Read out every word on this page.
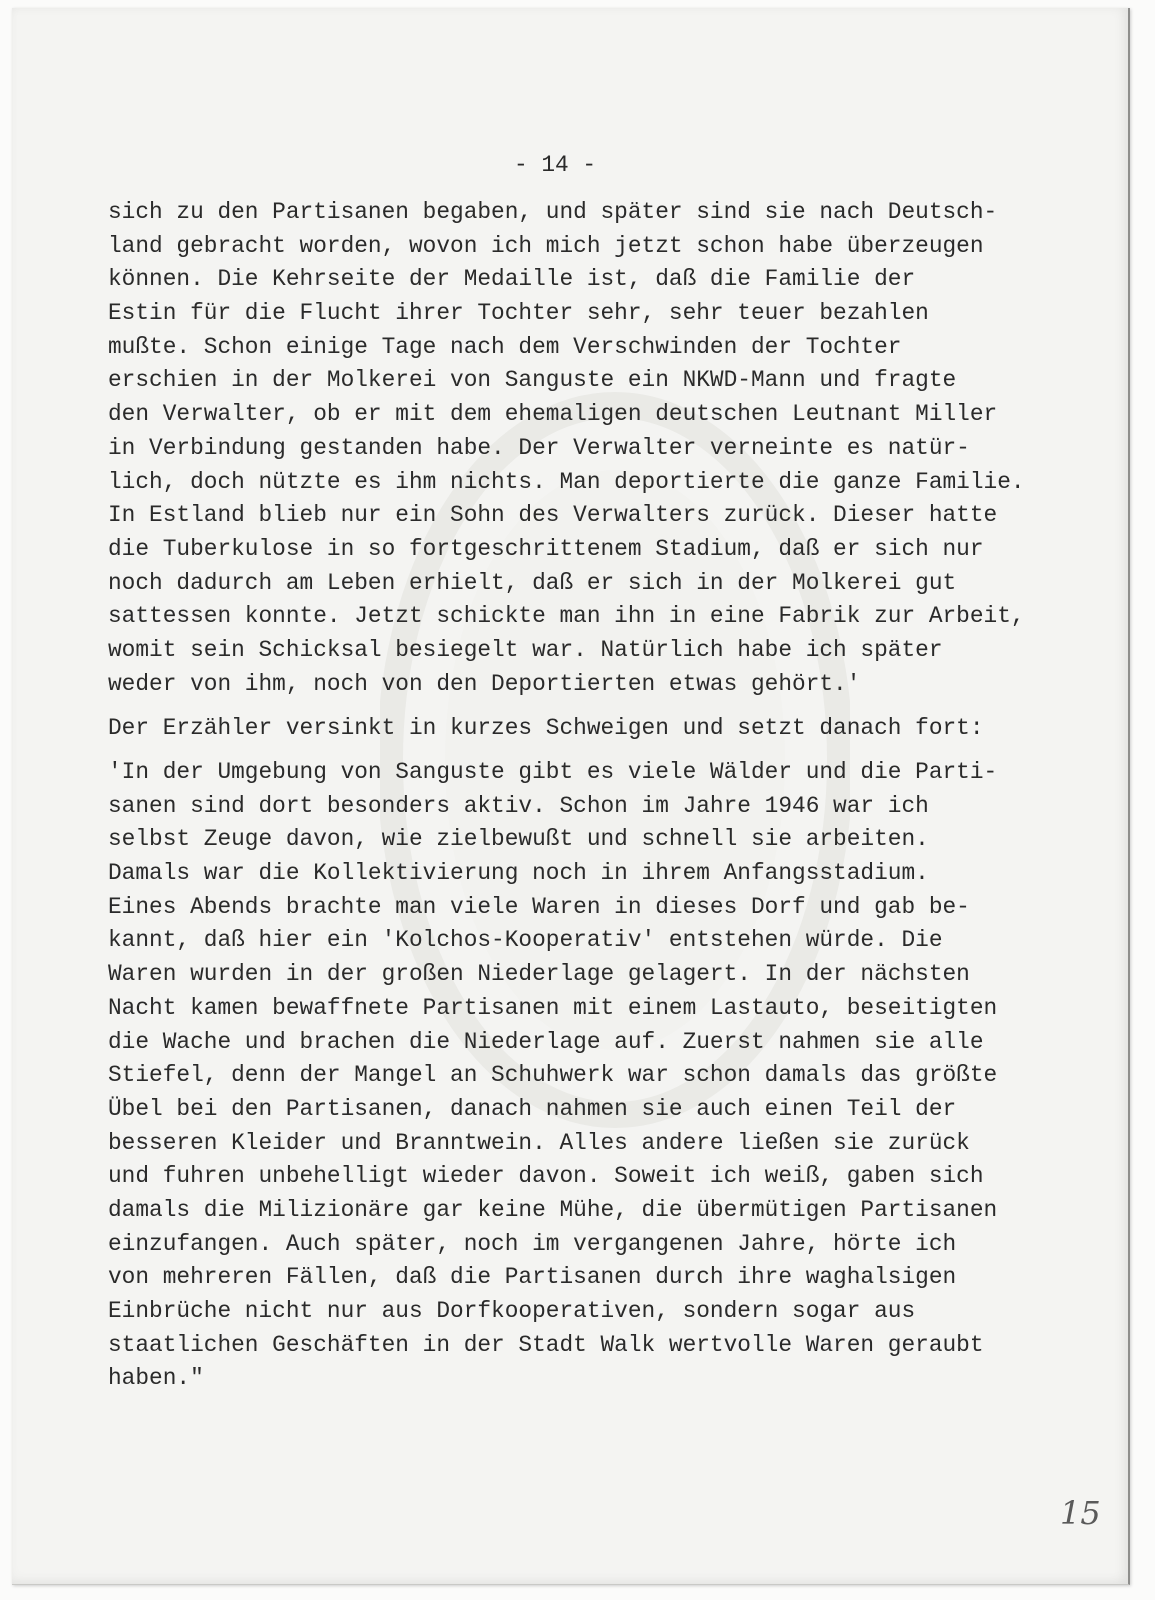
- 14 -
sich zu den Partisanen begaben, und später sind sie nach Deutsch-
land gebracht worden, wovon ich mich jetzt schon habe überzeugen
können. Die Kehrseite der Medaille ist, daß die Familie der
Estin für die Flucht ihrer Tochter sehr, sehr teuer bezahlen
mußte. Schon einige Tage nach dem Verschwinden der Tochter
erschien in der Molkerei von Sanguste ein NKWD-Mann und fragte
den Verwalter, ob er mit dem ehemaligen deutschen Leutnant Miller
in Verbindung gestanden habe. Der Verwalter verneinte es natür-
lich, doch nützte es ihm nichts. Man deportierte die ganze Familie.
In Estland blieb nur ein Sohn des Verwalters zurück. Dieser hatte
die Tuberkulose in so fortgeschrittenem Stadium, daß er sich nur
noch dadurch am Leben erhielt, daß er sich in der Molkerei gut
sattessen konnte. Jetzt schickte man ihn in eine Fabrik zur Arbeit,
womit sein Schicksal besiegelt war. Natürlich habe ich später
weder von ihm, noch von den Deportierten etwas gehört.'
Der Erzähler versinkt in kurzes Schweigen und setzt danach fort:
'In der Umgebung von Sanguste gibt es viele Wälder und die Parti-
sanen sind dort besonders aktiv. Schon im Jahre 1946 war ich
selbst Zeuge davon, wie zielbewußt und schnell sie arbeiten.
Damals war die Kollektivierung noch in ihrem Anfangsstadium.
Eines Abends brachte man viele Waren in dieses Dorf und gab be-
kannt, daß hier ein 'Kolchos-Kooperativ' entstehen würde. Die
Waren wurden in der großen Niederlage gelagert. In der nächsten
Nacht kamen bewaffnete Partisanen mit einem Lastauto, beseitigten
die Wache und brachen die Niederlage auf. Zuerst nahmen sie alle
Stiefel, denn der Mangel an Schuhwerk war schon damals das größte
Übel bei den Partisanen, danach nahmen sie auch einen Teil der
besseren Kleider und Branntwein. Alles andere ließen sie zurück
und fuhren unbehelligt wieder davon. Soweit ich weiß, gaben sich
damals die Milizionäre gar keine Mühe, die übermütigen Partisanen
einzufangen. Auch später, noch im vergangenen Jahre, hörte ich
von mehreren Fällen, daß die Partisanen durch ihre waghalsigen
Einbrüche nicht nur aus Dorfkooperativen, sondern sogar aus
staatlichen Geschäften in der Stadt Walk wertvolle Waren geraubt
haben."
15
